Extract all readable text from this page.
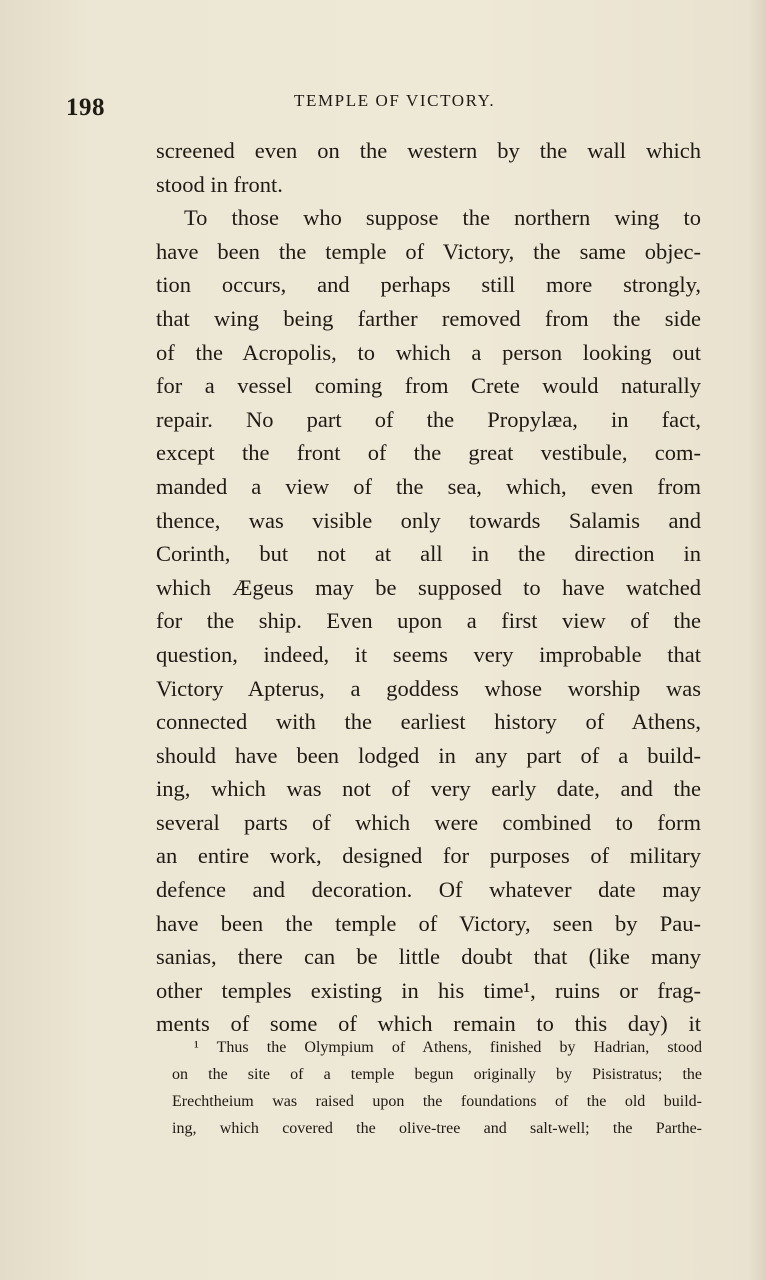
198	TEMPLE OF VICTORY.
screened even on the western by the wall which
stood in front.
To those who suppose the northern wing to
have been the temple of Victory, the same objec-
tion occurs, and perhaps still more strongly,
that wing being farther removed from the side
of the Acropolis, to which a person looking out
for a vessel coming from Crete would naturally
repair. No part of the Propylæa, in fact,
except the front of the great vestibule, com-
manded a view of the sea, which, even from
thence, was visible only towards Salamis and
Corinth, but not at all in the direction in
which Ægeus may be supposed to have watched
for the ship. Even upon a first view of the
question, indeed, it seems very improbable that
Victory Apterus, a goddess whose worship was
connected with the earliest history of Athens,
should have been lodged in any part of a build-
ing, which was not of very early date, and the
several parts of which were combined to form
an entire work, designed for purposes of military
defence and decoration. Of whatever date may
have been the temple of Victory, seen by Pau-
sanias, there can be little doubt that (like many
other temples existing in his time¹, ruins or frag-
ments of some of which remain to this day) it
¹ Thus the Olympium of Athens, finished by Hadrian, stood
on the site of a temple begun originally by Pisistratus; the
Erechtheium was raised upon the foundations of the old build-
ing, which covered the olive-tree and salt-well; the Parthe-
